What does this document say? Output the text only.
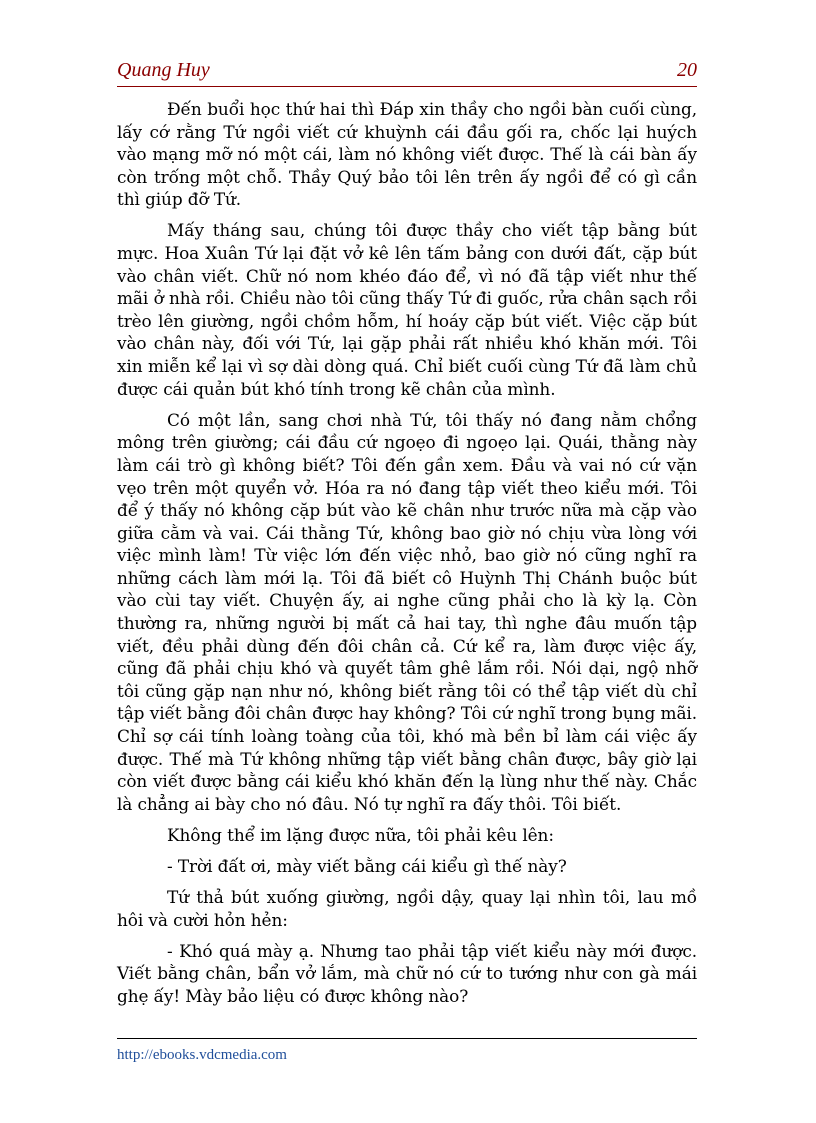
Quang Huy	20

Đến buổi học thứ hai thì Đáp xin thầy cho ngồi bàn cuối cùng, lấy cớ rằng Tứ ngồi viết cứ khuỳnh cái đầu gối ra, chốc lại huých vào mạng mỡ nó một cái, làm nó không viết được. Thế là cái bàn ấy còn trống một chỗ. Thầy Quý bảo tôi lên trên ấy ngồi để có gì cần thì giúp đỡ Tứ.

Mấy tháng sau, chúng tôi được thầy cho viết tập bằng bút mực. Hoa Xuân Tứ lại đặt vở kê lên tấm bảng con dưới đất, cặp bút vào chân viết. Chữ nó nom khéo đáo để, vì nó đã tập viết như thế mãi ở nhà rồi. Chiều nào tôi cũng thấy Tứ đi guốc, rửa chân sạch rồi trèo lên giường, ngồi chồm hỗm, hí hoáy cặp bút viết. Việc cặp bút vào chân này, đối với Tứ, lại gặp phải rất nhiều khó khăn mới. Tôi xin miễn kể lại vì sợ dài dòng quá. Chỉ biết cuối cùng Tứ đã làm chủ được cái quản bút khó tính trong kẽ chân của mình.

Có một lần, sang chơi nhà Tứ, tôi thấy nó đang nằm chổng mông trên giường; cái đầu cứ ngoẹo đi ngoẹo lại. Quái, thằng này làm cái trò gì không biết? Tôi đến gần xem. Đầu và vai nó cứ vặn vẹo trên một quyển vở. Hóa ra nó đang tập viết theo kiểu mới. Tôi để ý thấy nó không cặp bút vào kẽ chân như trước nữa mà cặp vào giữa cằm và vai. Cái thằng Tứ, không bao giờ nó chịu vừa lòng với việc mình làm! Từ việc lớn đến việc nhỏ, bao giờ nó cũng nghĩ ra những cách làm mới lạ. Tôi đã biết cô Huỳnh Thị Chánh buộc bút vào cùi tay viết. Chuyện ấy, ai nghe cũng phải cho là kỳ lạ. Còn thường ra, những người bị mất cả hai tay, thì nghe đâu muốn tập viết, đều phải dùng đến đôi chân cả. Cứ kể ra, làm được việc ấy, cũng đã phải chịu khó và quyết tâm ghê lắm rồi. Nói dại, ngộ nhỡ tôi cũng gặp nạn như nó, không biết rằng tôi có thể tập viết dù chỉ tập viết bằng đôi chân được hay không? Tôi cứ nghĩ trong bụng mãi. Chỉ sợ cái tính loàng toàng của tôi, khó mà bền bỉ làm cái việc ấy được. Thế mà Tứ không những tập viết bằng chân được, bây giờ lại còn viết được bằng cái kiểu khó khăn đến lạ lùng như thế này. Chắc là chẳng ai bày cho nó đâu. Nó tự nghĩ ra đấy thôi. Tôi biết.

Không thể im lặng được nữa, tôi phải kêu lên:

- Trời đất ơi, mày viết bằng cái kiểu gì thế này?

Tứ thả bút xuống giường, ngồi dậy, quay lại nhìn tôi, lau mồ hôi và cười hỏn hẻn:

- Khó quá mày ạ. Nhưng tao phải tập viết kiểu này mới được. Viết bằng chân, bẩn vở lắm, mà chữ nó cứ to tướng như con gà mái ghẹ ấy! Mày bảo liệu có được không nào?

http://ebooks.vdcmedia.com
